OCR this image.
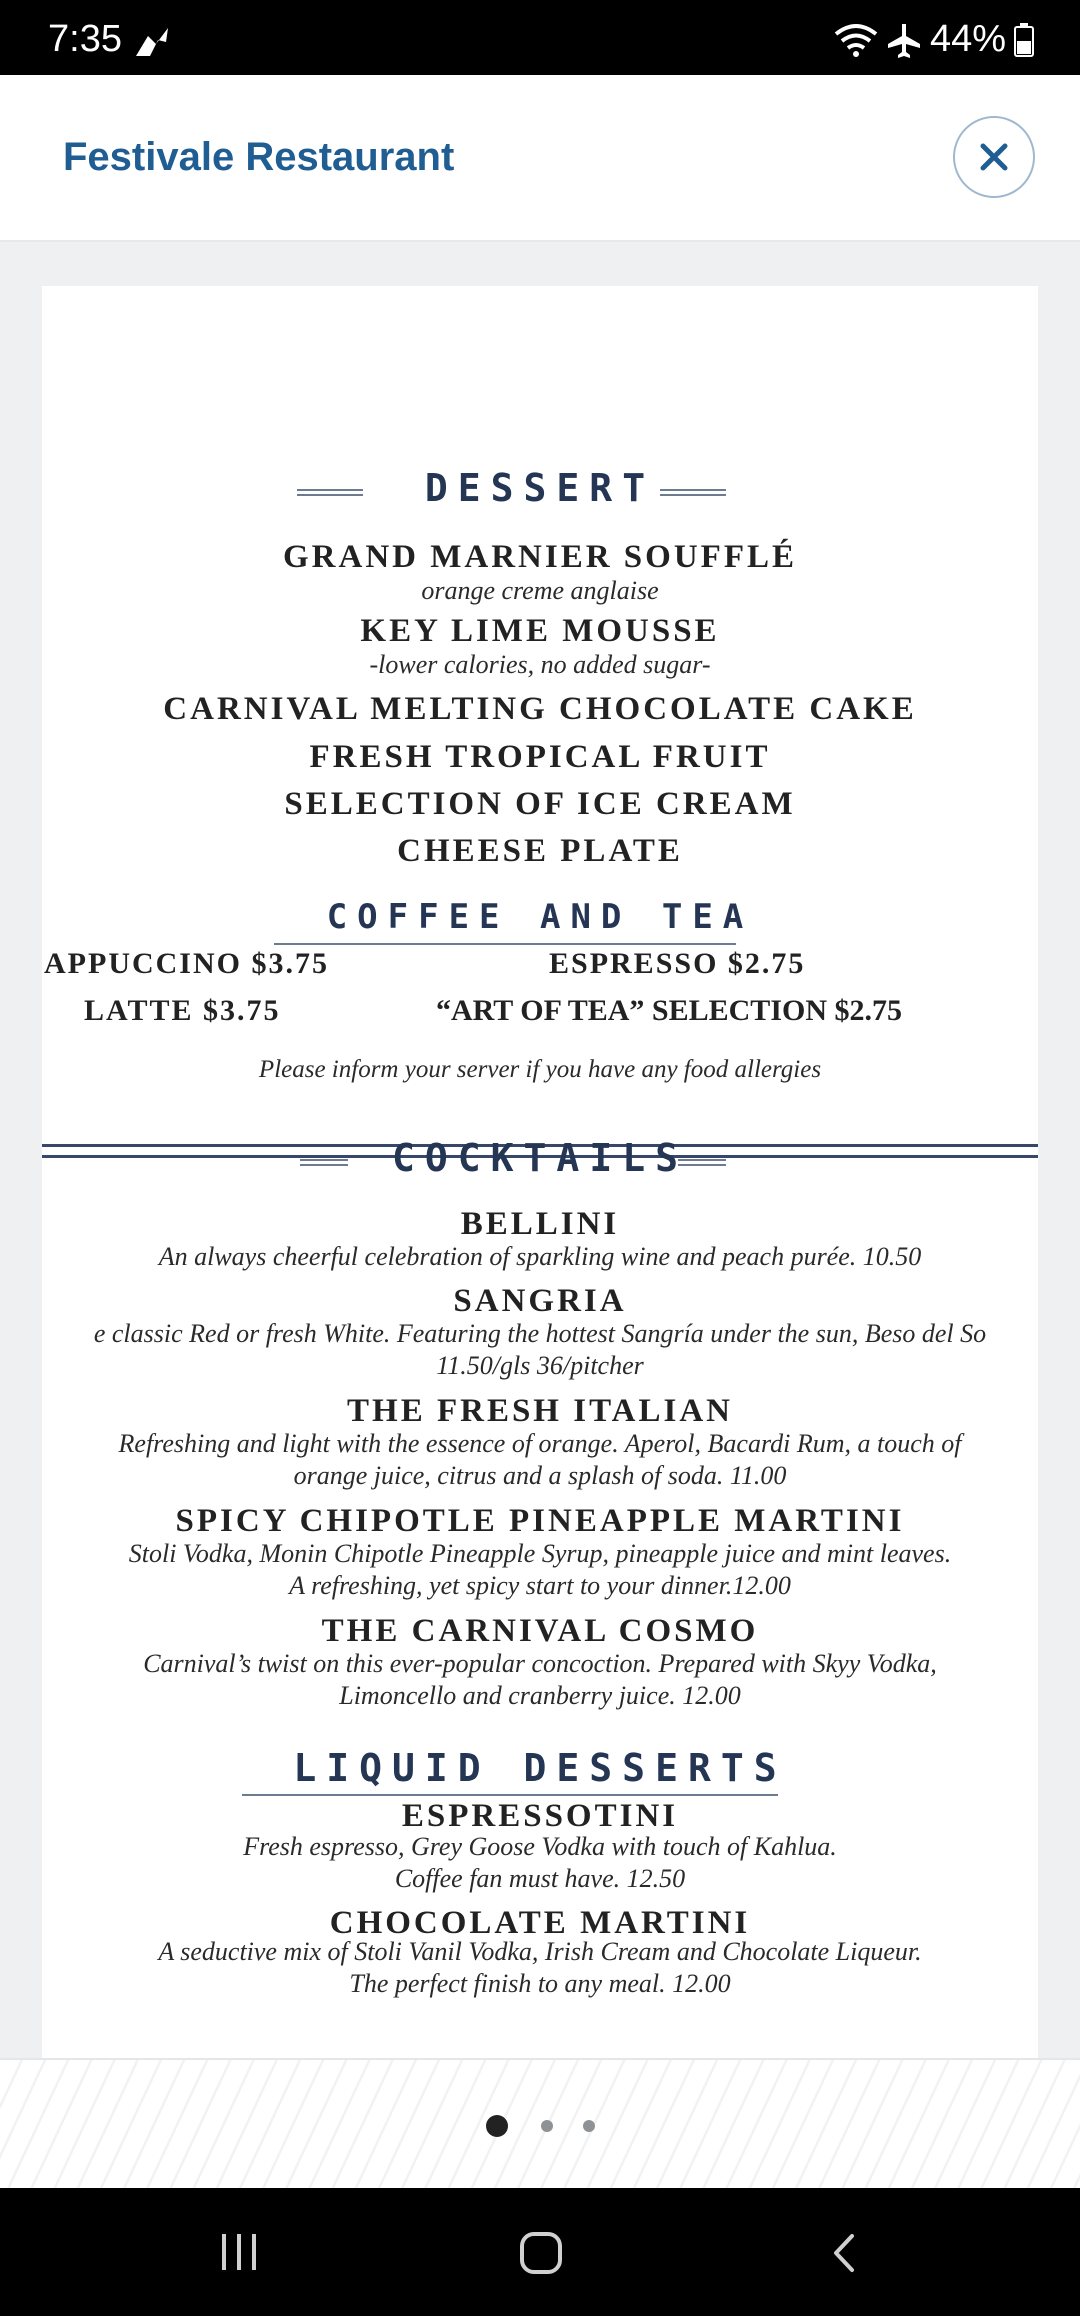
7:35	44%
Festivale Restaurant
DESSERT
GRAND MARNIER SOUFFLÉ
orange creme anglaise
KEY LIME MOUSSE
-lower calories, no added sugar-
CARNIVAL MELTING CHOCOLATE CAKE
FRESH TROPICAL FRUIT
SELECTION OF ICE CREAM
CHEESE PLATE
COFFEE AND TEA
APPUCCINO $3.75	ESPRESSO $2.75
LATTE $3.75	“ART OF TEA” SELECTION $2.75
Please inform your server if you have any food allergies
COCKTAILS
BELLINI
An always cheerful celebration of sparkling wine and peach purée. 10.50
SANGRIA
e classic Red or fresh White. Featuring the hottest Sangría under the sun, Beso del So
11.50/gls 36/pitcher
THE FRESH ITALIAN
Refreshing and light with the essence of orange. Aperol, Bacardi Rum, a touch of
orange juice, citrus and a splash of soda. 11.00
SPICY CHIPOTLE PINEAPPLE MARTINI
Stoli Vodka, Monin Chipotle Pineapple Syrup, pineapple juice and mint leaves.
A refreshing, yet spicy start to your dinner.12.00
THE CARNIVAL COSMO
Carnival’s twist on this ever-popular concoction. Prepared with Skyy Vodka,
Limoncello and cranberry juice. 12.00
LIQUID DESSERTS
ESPRESSOTINI
Fresh espresso, Grey Goose Vodka with touch of Kahlua.
Coffee fan must have. 12.50
CHOCOLATE MARTINI
A seductive mix of Stoli Vanil Vodka, Irish Cream and Chocolate Liqueur.
The perfect finish to any meal. 12.00
